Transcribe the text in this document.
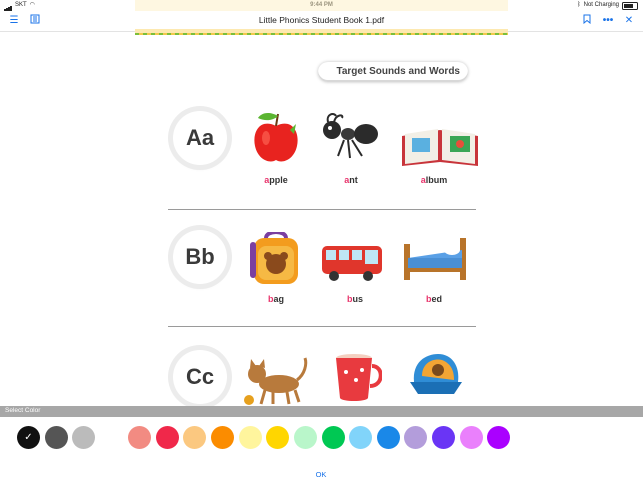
SKT ◠	ᛒ Not Charging
☰	Little Phonics Student Book 1.pdf	••• ✕
Target Sounds and Words
Aa
apple	ant	album
Bb
bag	bus	bed
Cc
Select Color
✓
OK
